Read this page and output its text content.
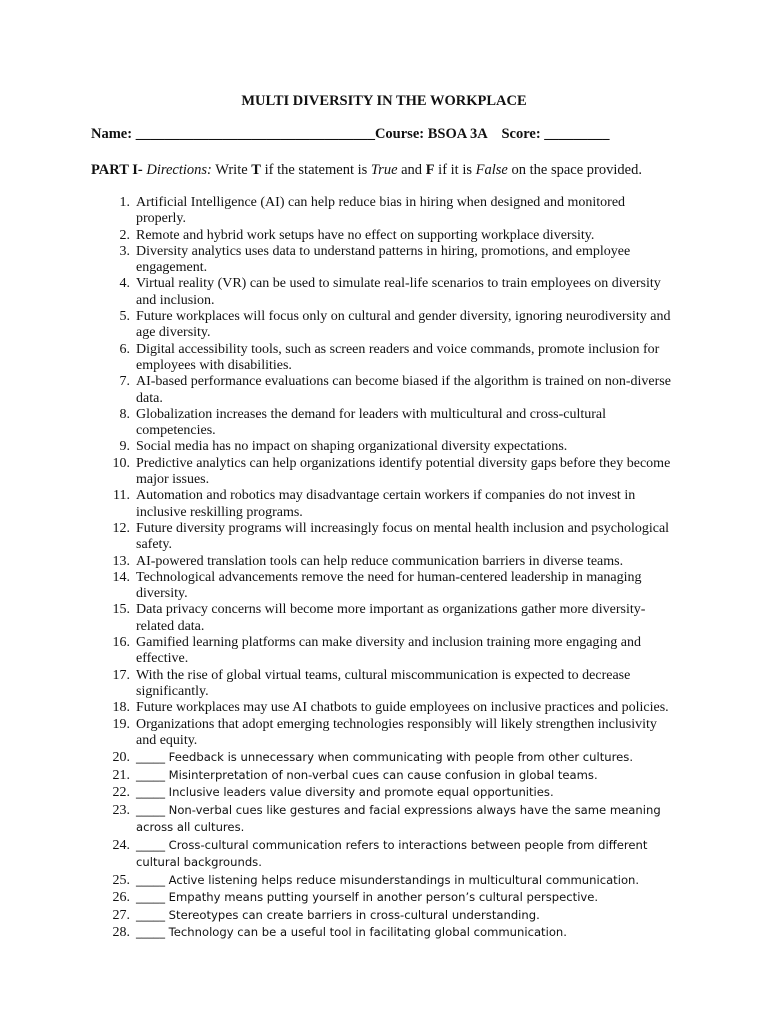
MULTI DIVERSITY IN THE WORKPLACE
Name: _________________________________Course: BSOA 3A Score: _________
PART I- Directions: Write T if the statement is True and F if it is False on the space provided.
1. Artificial Intelligence (AI) can help reduce bias in hiring when designed and monitored properly.
2. Remote and hybrid work setups have no effect on supporting workplace diversity.
3. Diversity analytics uses data to understand patterns in hiring, promotions, and employee engagement.
4. Virtual reality (VR) can be used to simulate real-life scenarios to train employees on diversity and inclusion.
5. Future workplaces will focus only on cultural and gender diversity, ignoring neurodiversity and age diversity.
6. Digital accessibility tools, such as screen readers and voice commands, promote inclusion for employees with disabilities.
7. AI-based performance evaluations can become biased if the algorithm is trained on non-diverse data.
8. Globalization increases the demand for leaders with multicultural and cross-cultural competencies.
9. Social media has no impact on shaping organizational diversity expectations.
10. Predictive analytics can help organizations identify potential diversity gaps before they become major issues.
11. Automation and robotics may disadvantage certain workers if companies do not invest in inclusive reskilling programs.
12. Future diversity programs will increasingly focus on mental health inclusion and psychological safety.
13. AI-powered translation tools can help reduce communication barriers in diverse teams.
14. Technological advancements remove the need for human-centered leadership in managing diversity.
15. Data privacy concerns will become more important as organizations gather more diversity-related data.
16. Gamified learning platforms can make diversity and inclusion training more engaging and effective.
17. With the rise of global virtual teams, cultural miscommunication is expected to decrease significantly.
18. Future workplaces may use AI chatbots to guide employees on inclusive practices and policies.
19. Organizations that adopt emerging technologies responsibly will likely strengthen inclusivity and equity.
20. _____ Feedback is unnecessary when communicating with people from other cultures.
21. _____ Misinterpretation of non-verbal cues can cause confusion in global teams.
22. _____ Inclusive leaders value diversity and promote equal opportunities.
23. _____ Non-verbal cues like gestures and facial expressions always have the same meaning across all cultures.
24. _____ Cross-cultural communication refers to interactions between people from different cultural backgrounds.
25. _____ Active listening helps reduce misunderstandings in multicultural communication.
26. _____ Empathy means putting yourself in another person’s cultural perspective.
27. _____ Stereotypes can create barriers in cross-cultural understanding.
28. _____ Technology can be a useful tool in facilitating global communication.
